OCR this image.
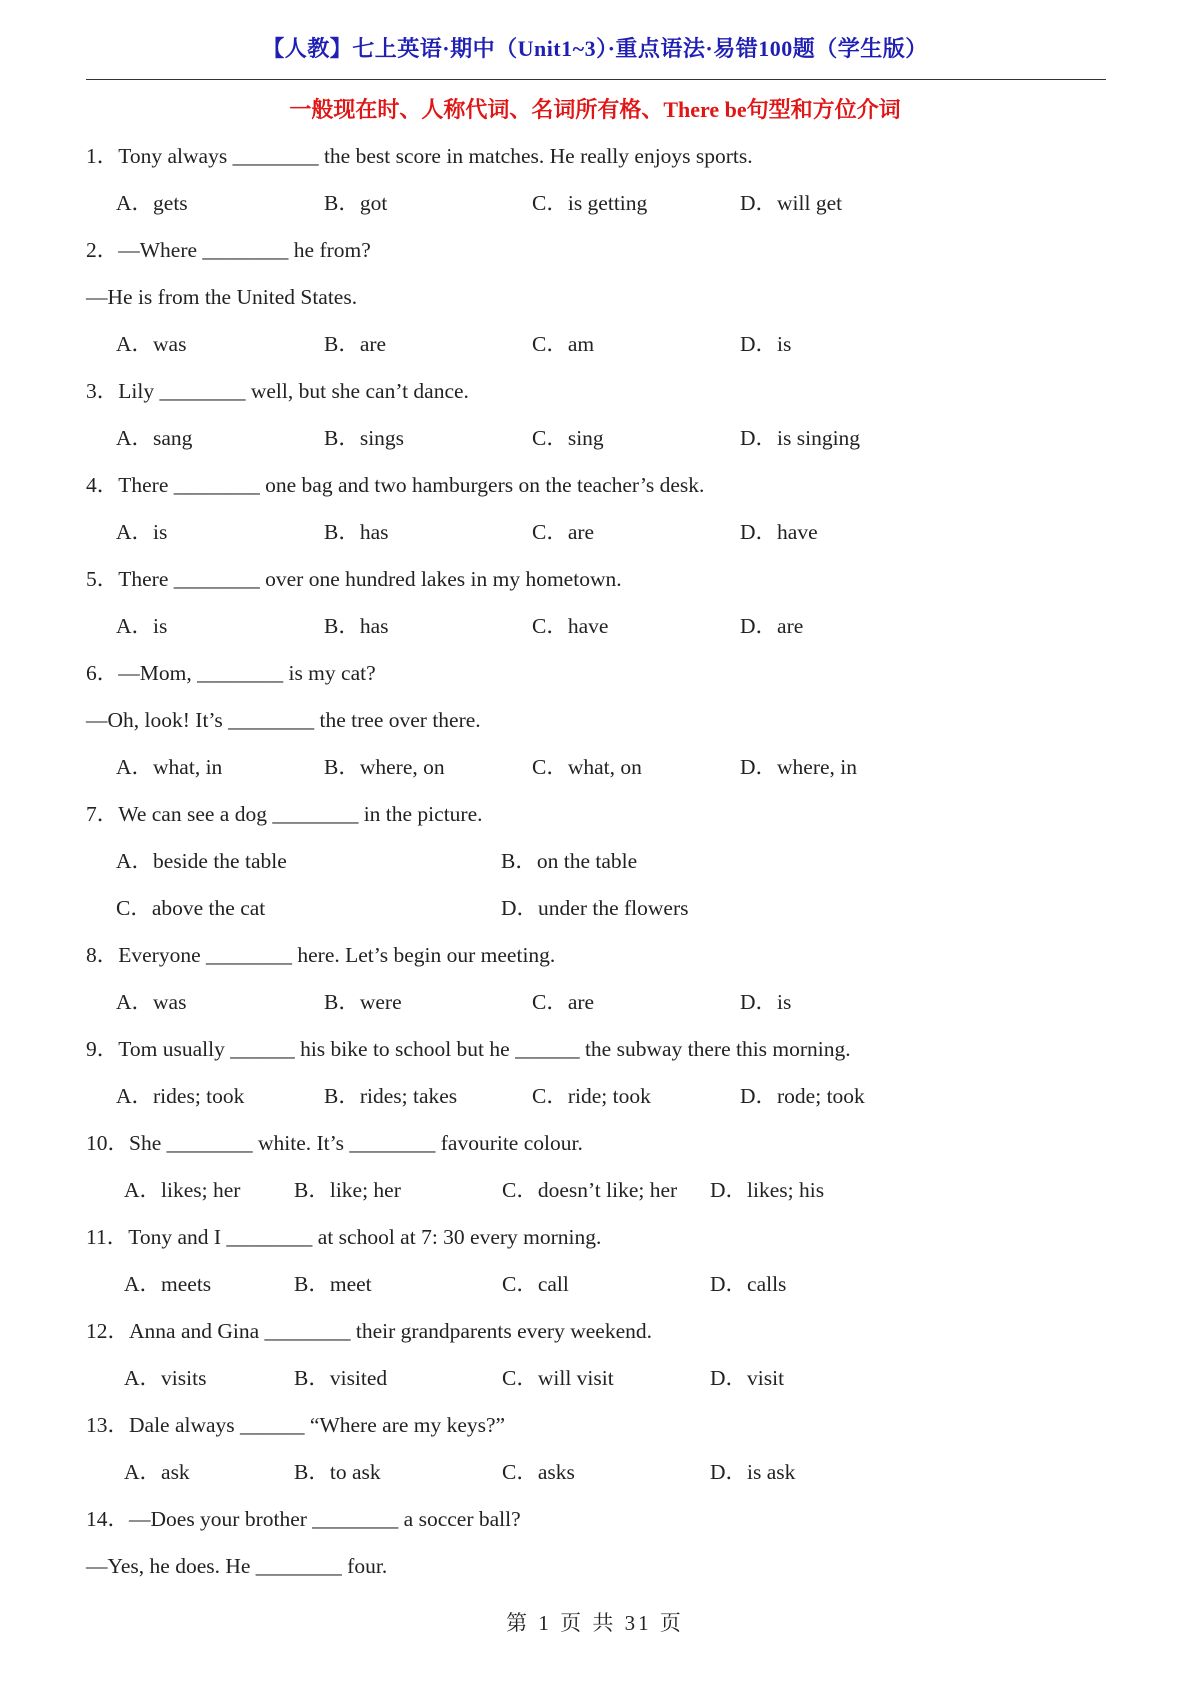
【人教】七上英语·期中（Unit1~3）·重点语法·易错100题（学生版）
一般现在时、人称代词、名词所有格、There be句型和方位介词
1．Tony always ________ the best score in matches. He really enjoys sports.
A．gets	B．got	C．is getting	D．will get
2．—Where ________ he from?
—He is from the United States.
A．was	B．are	C．am	D．is
3．Lily ________ well, but she can’t dance.
A．sang	B．sings	C．sing	D．is singing
4．There ________ one bag and two hamburgers on the teacher’s desk.
A．is	B．has	C．are	D．have
5．There ________ over one hundred lakes in my hometown.
A．is	B．has	C．have	D．are
6．—Mom, ________ is my cat?
—Oh, look! It’s ________ the tree over there.
A．what, in	B．where, on	C．what, on	D．where, in
7．We can see a dog ________ in the picture.
A．beside the table	B．on the table
C．above the cat	D．under the flowers
8．Everyone ________ here. Let’s begin our meeting.
A．was	B．were	C．are	D．is
9．Tom usually ______ his bike to school but he ______ the subway there this morning.
A．rides; took	B．rides; takes	C．ride; took	D．rode; took
10．She ________ white. It’s ________ favourite colour.
A．likes; her	B．like; her	C．doesn’t like; her	D．likes; his
11．Tony and I ________ at school at 7: 30 every morning.
A．meets	B．meet	C．call	D．calls
12．Anna and Gina ________ their grandparents every weekend.
A．visits	B．visited	C．will visit	D．visit
13．Dale always ______ “Where are my keys?”
A．ask	B．to ask	C．asks	D．is ask
14．—Does your brother ________ a soccer ball?
—Yes, he does. He ________ four.
第 1 页 共 31 页
